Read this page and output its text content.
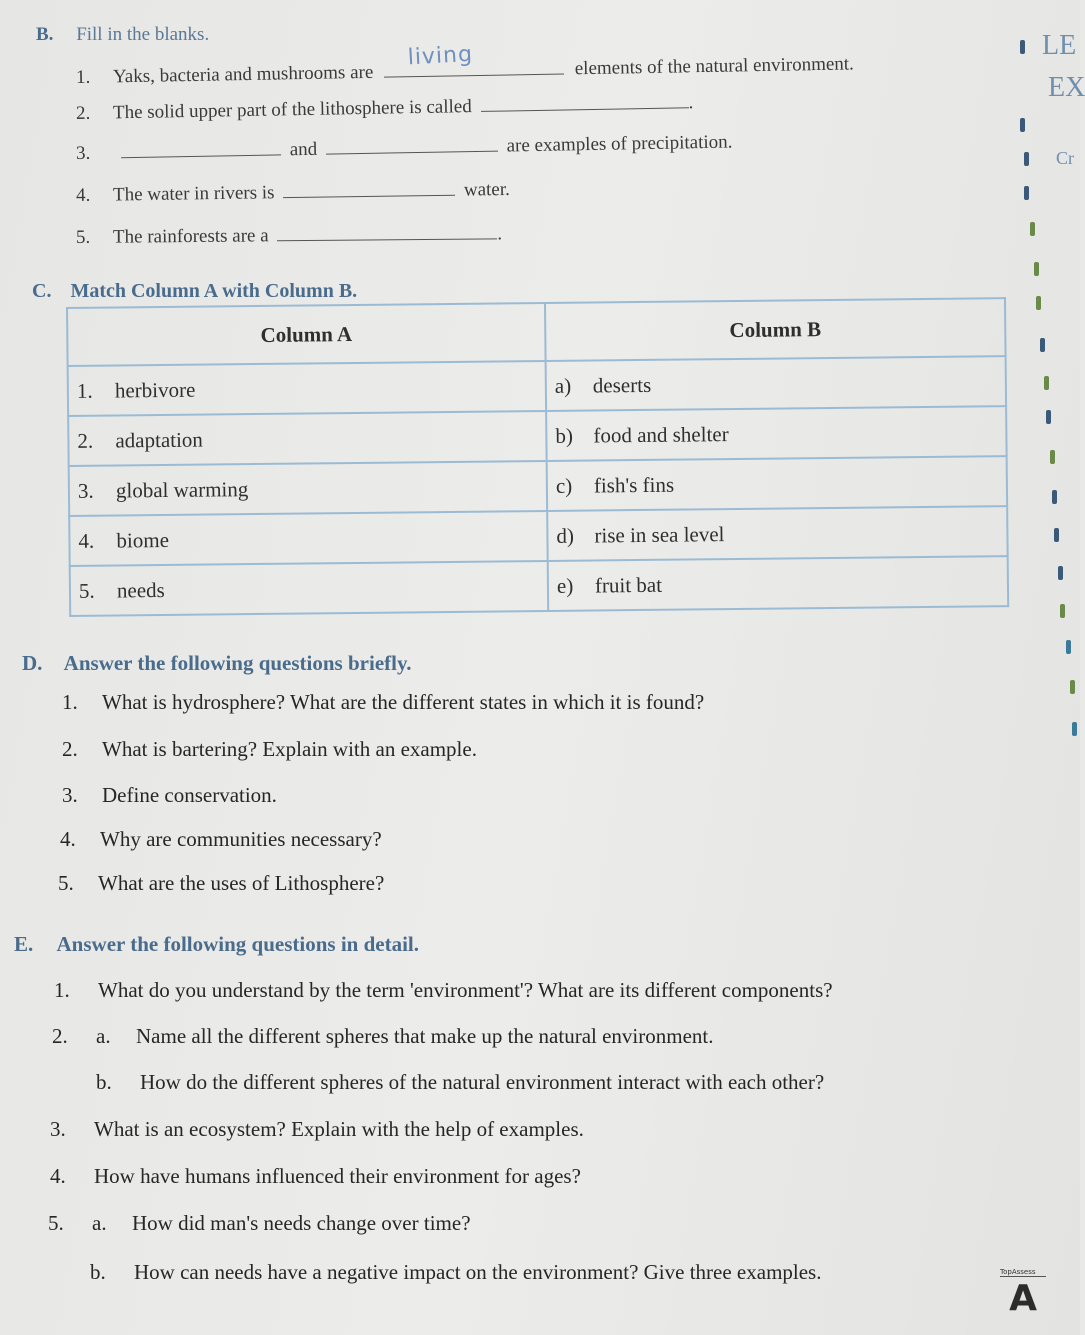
B. Fill in the blanks.
1. Yaks, bacteria and mushrooms are
living	elements of the natural environment.
2. The solid upper part of the lithosphere is called	.
3.	and	are examples of precipitation.
4. The water in rivers is	water.
5. The rainforests are a	.
C. Match Column A with Column B.
Column A	Column B
1. herbivore	a) deserts
2. adaptation	b) food and shelter
3. global warming	c) fish's fins
4. biome	d) rise in sea level
5. needs	e) fruit bat
D. Answer the following questions briefly.
1. What is hydrosphere? What are the different states in which it is found?
2. What is bartering? Explain with an example.
3. Define conservation.
4. Why are communities necessary?
5. What are the uses of Lithosphere?
E. Answer the following questions in detail.
1. What do you understand by the term 'environment'? What are its different components?
2. a. Name all the different spheres that make up the natural environment.
b. How do the different spheres of the natural environment interact with each other?
3. What is an ecosystem? Explain with the help of examples.
4. How have humans influenced their environment for ages?
5. a. How did man's needs change over time?
b. How can needs have a negative impact on the environment? Give three examples.
LE
EX
Cr
TopAssess
A
